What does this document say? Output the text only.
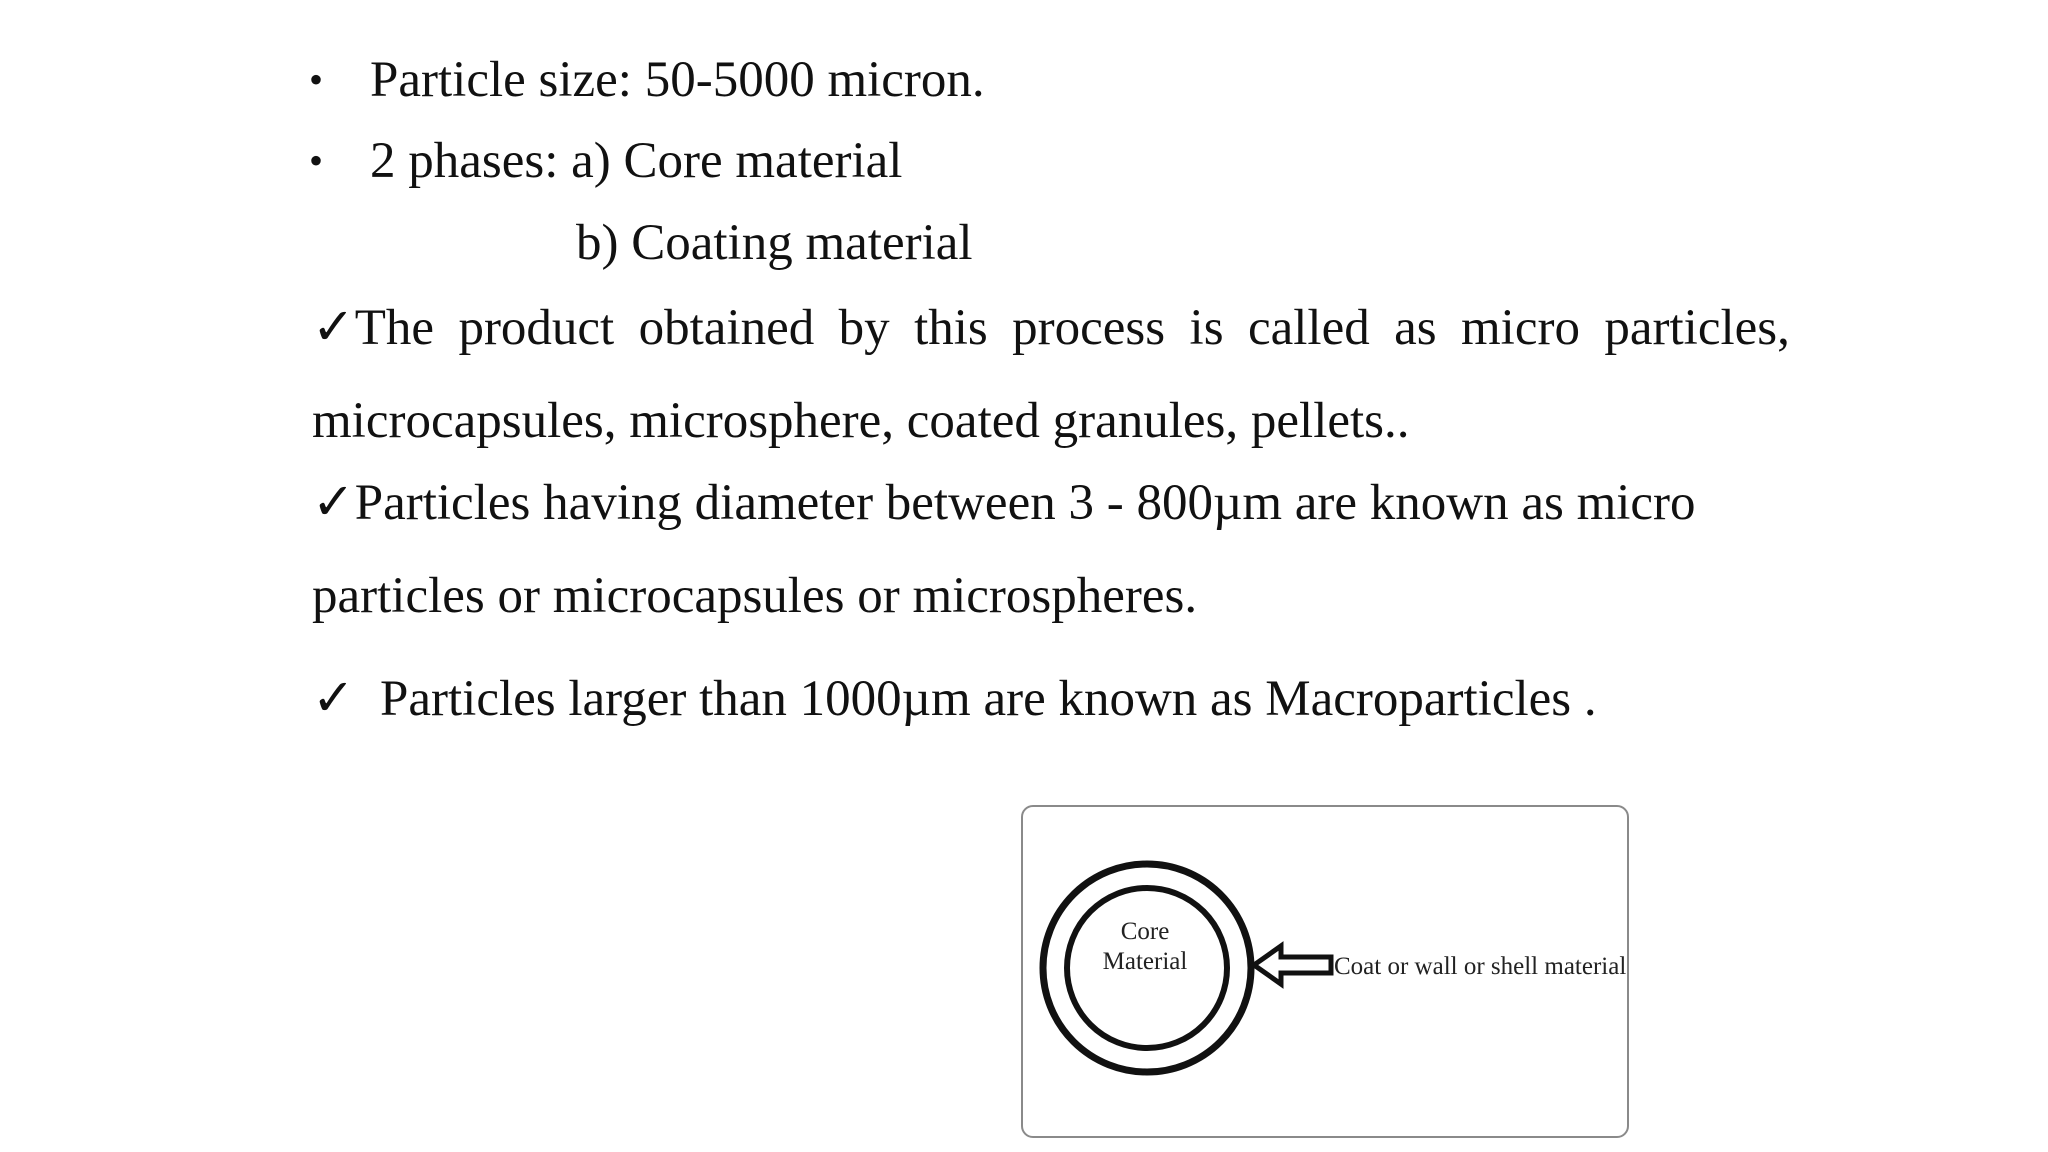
• Particle size: 50-5000 micron.
• 2 phases: a) Core material
b) Coating material
✓The product obtained by this process is called as micro particles,
microcapsules, microsphere, coated granules, pellets..
✓Particles having diameter between 3 - 800µm are known as micro
particles or microcapsules or microspheres.
✓ Particles larger than 1000µm are known as Macroparticles .
Core
Material	Coat or wall or shell material
